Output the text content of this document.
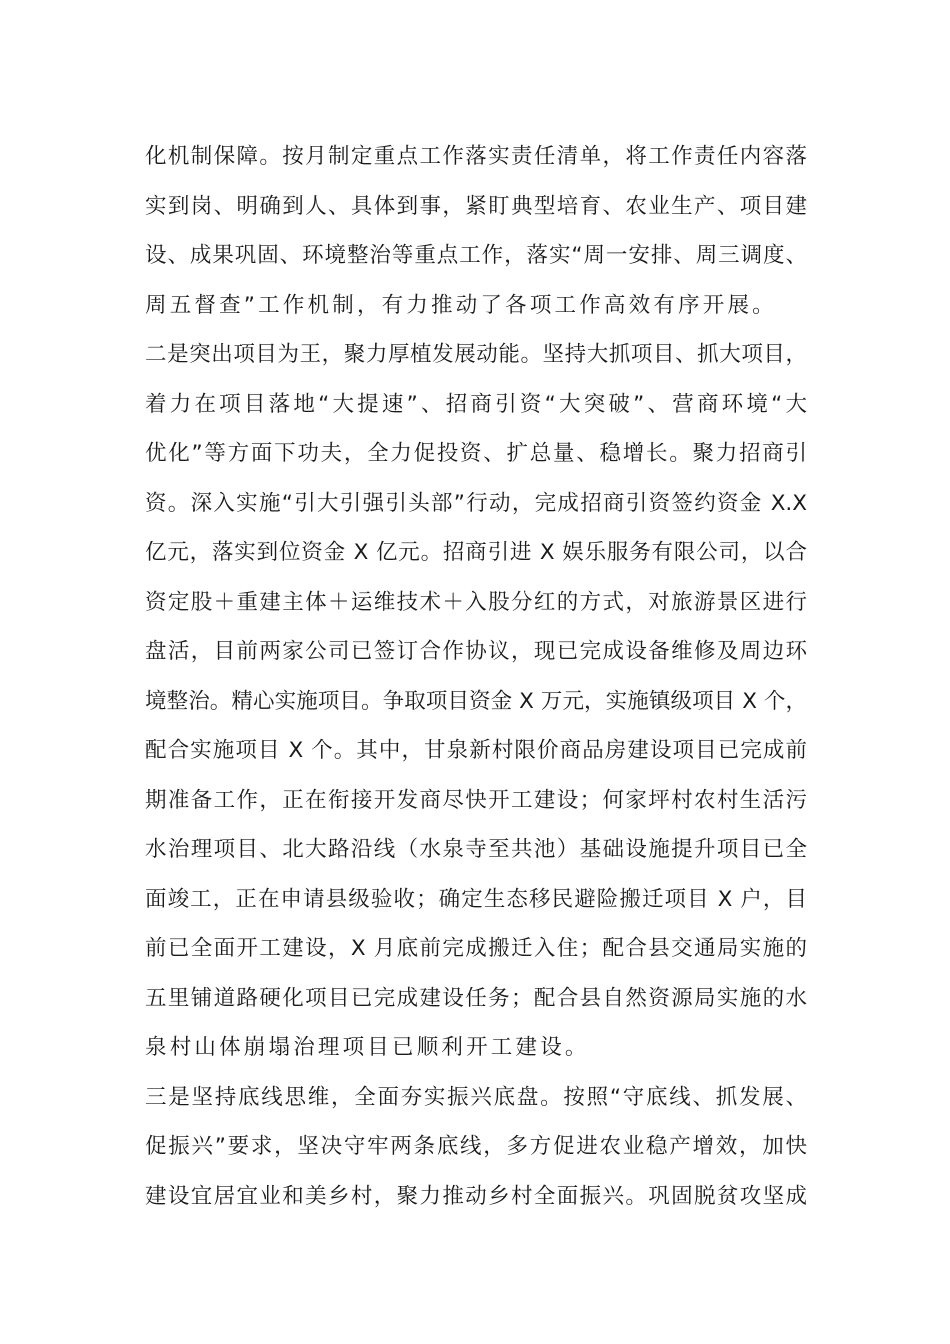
化机制保障。按月制定重点工作落实责任清单，将工作责任内容落
实到岗、明确到人、具体到事，紧盯典型培育、农业生产、项目建
设、成果巩固、环境整治等重点工作，落实“周一安排、周三调度、
周五督查”工作机制，有力推动了各项工作高效有序开展。
二是突出项目为王，聚力厚植发展动能。坚持大抓项目、抓大项目，
着力在项目落地“大提速”、招商引资“大突破”、营商环境“大
优化”等方面下功夫，全力促投资、扩总量、稳增长。聚力招商引
资。深入实施“引大引强引头部”行动，完成招商引资签约资金 X.X
亿元，落实到位资金 X 亿元。招商引进 X 娱乐服务有限公司，以合
资定股＋重建主体＋运维技术＋入股分红的方式，对旅游景区进行
盘活，目前两家公司已签订合作协议，现已完成设备维修及周边环
境整治。精心实施项目。争取项目资金 X 万元，实施镇级项目 X 个，
配合实施项目 X 个。其中，甘泉新村限价商品房建设项目已完成前
期准备工作，正在衔接开发商尽快开工建设；何家坪村农村生活污
水治理项目、北大路沿线（水泉寺至共池）基础设施提升项目已全
面竣工，正在申请县级验收；确定生态移民避险搬迁项目 X 户，目
前已全面开工建设，X 月底前完成搬迁入住；配合县交通局实施的
五里铺道路硬化项目已完成建设任务；配合县自然资源局实施的水
泉村山体崩塌治理项目已顺利开工建设。
三是坚持底线思维，全面夯实振兴底盘。按照“守底线、抓发展、
促振兴”要求，坚决守牢两条底线，多方促进农业稳产增效，加快
建设宜居宜业和美乡村，聚力推动乡村全面振兴。巩固脱贫攻坚成
